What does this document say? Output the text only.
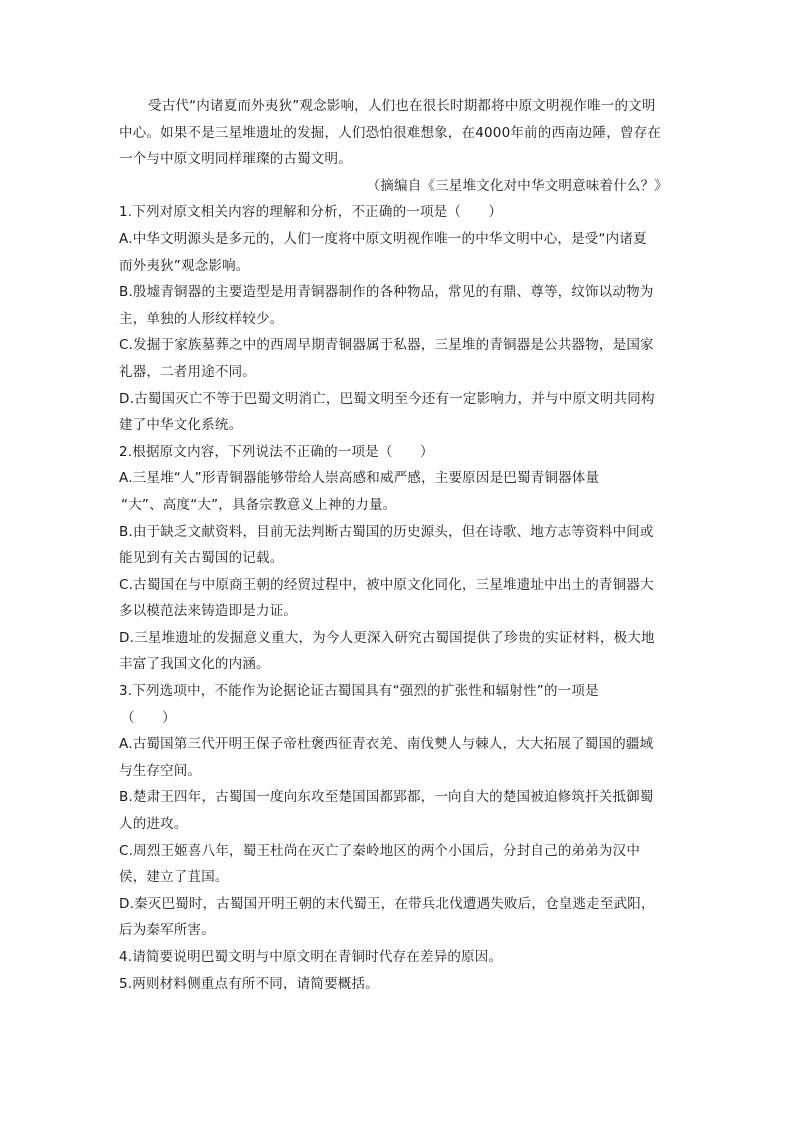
受古代“内诸夏而外夷狄”观念影响，人们也在很长时期都将中原文明视作唯一的文明
中心。如果不是三星堆遗址的发掘，人们恐怕很难想象，在4000年前的西南边陲，曾存在
一个与中原文明同样璀璨的古蜀文明。
（摘编自《三星堆文化对中华文明意味着什么？》
1.下列对原文相关内容的理解和分析，不正确的一项是（　　）
A.中华文明源头是多元的，人们一度将中原文明视作唯一的中华文明中心，是受“内诸夏
而外夷狄”观念影响。
B.殷墟青铜器的主要造型是用青铜器制作的各种物品，常见的有鼎、尊等，纹饰以动物为
主，单独的人形纹样较少。
C.发掘于家族墓葬之中的西周早期青铜器属于私器，三星堆的青铜器是公共器物，是国家
礼器，二者用途不同。
D.古蜀国灭亡不等于巴蜀文明消亡，巴蜀文明至今还有一定影响力，并与中原文明共同构
建了中华文化系统。
2.根据原文内容，下列说法不正确的一项是（　　）
A.三星堆“人”形青铜器能够带给人崇高感和威严感，主要原因是巴蜀青铜器体量
“大”、高度“大”，具备宗教意义上神的力量。
B.由于缺乏文献资料，目前无法判断古蜀国的历史源头，但在诗歌、地方志等资料中间或
能见到有关古蜀国的记载。
C.古蜀国在与中原商王朝的经贸过程中，被中原文化同化，三星堆遗址中出土的青铜器大
多以模范法来铸造即是力证。
D.三星堆遗址的发掘意义重大，为今人更深入研究古蜀国提供了珍贵的实证材料，极大地
丰富了我国文化的内涵。
3.下列选项中，不能作为论据论证古蜀国具有“强烈的扩张性和辐射性”的一项是
（　　）
A.古蜀国第三代开明王保子帝杜褒西征青衣羌、南伐僰人与棘人，大大拓展了蜀国的疆域
与生存空间。
B.楚肃王四年，古蜀国一度向东攻至楚国国都郢都，一向自大的楚国被迫修筑扞关抵御蜀
人的进攻。
C.周烈王姬喜八年，蜀王杜尚在灭亡了秦岭地区的两个小国后，分封自己的弟弟为汉中
侯，建立了苴国。
D.秦灭巴蜀时，古蜀国开明王朝的末代蜀王，在带兵北伐遭遇失败后，仓皇逃走至武阳，
后为秦军所害。
4.请简要说明巴蜀文明与中原文明在青铜时代存在差异的原因。
5.两则材料侧重点有所不同，请简要概括。
